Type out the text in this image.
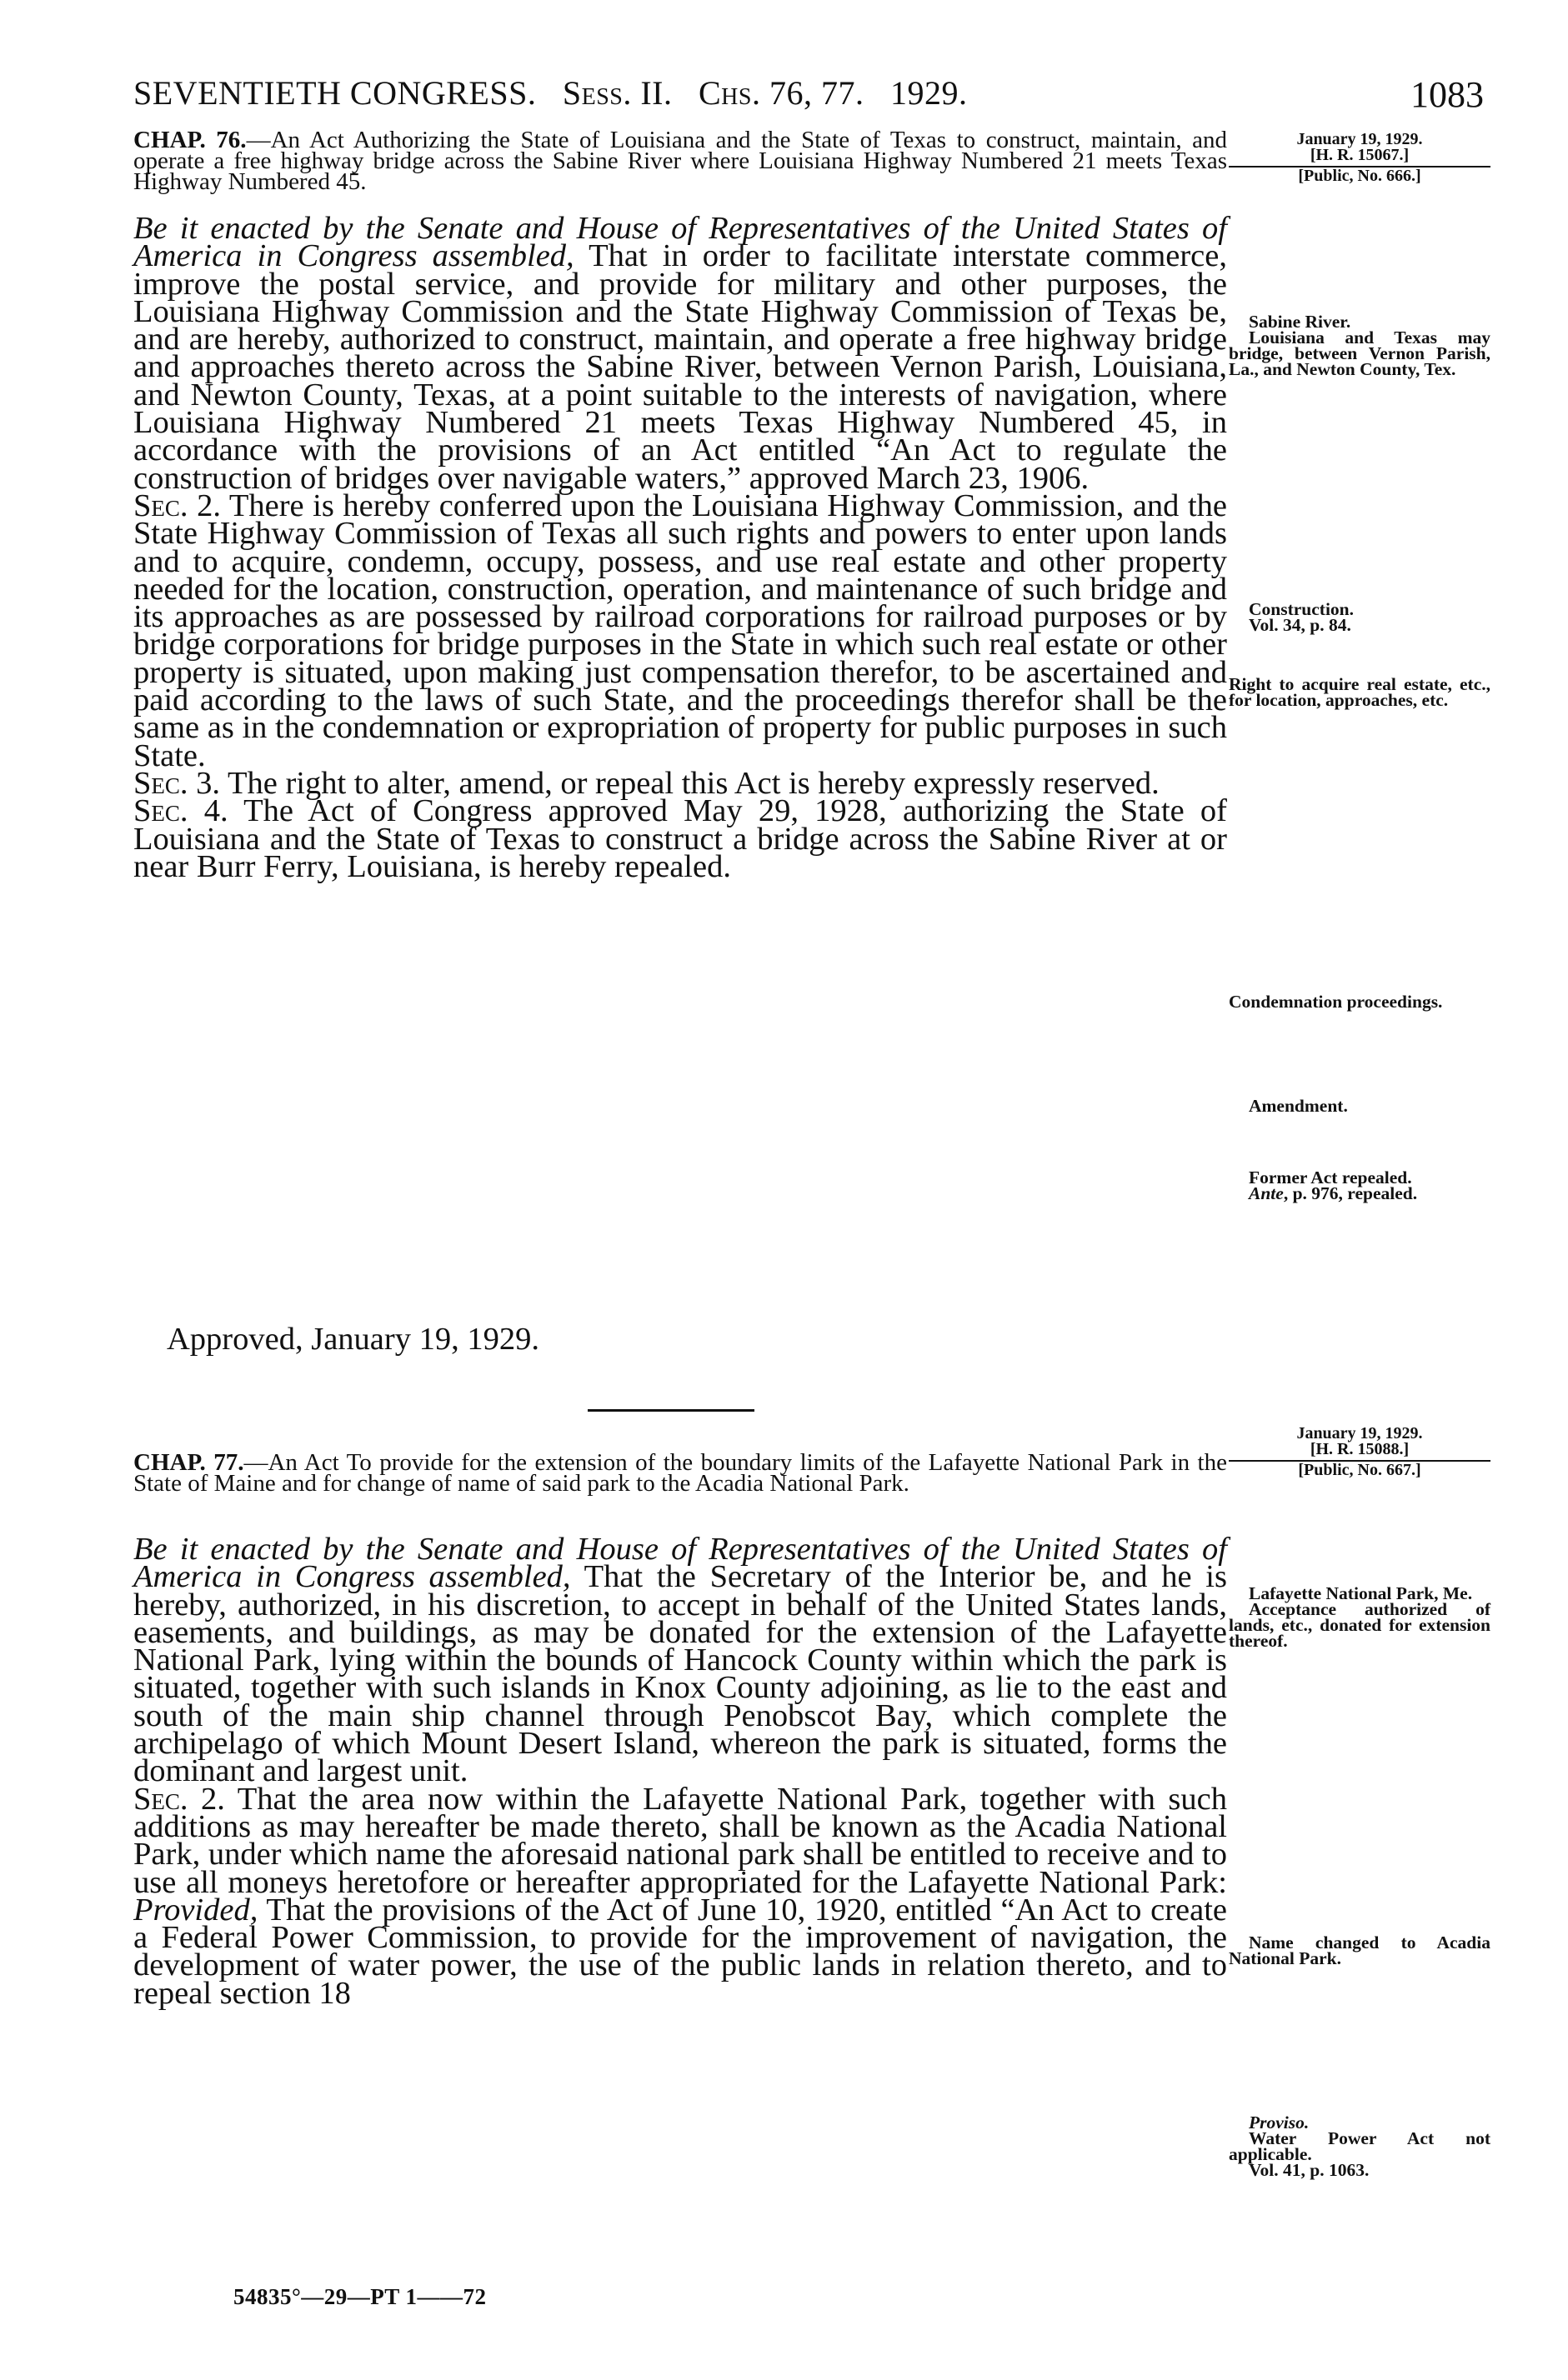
SEVENTIETH CONGRESS. Sess. II. Chs. 76, 77. 1929.	1083
CHAP. 76.—An Act Authorizing the State of Louisiana and the State of Texas to construct, maintain, and operate a free highway bridge across the Sabine River where Louisiana Highway Numbered 21 meets Texas Highway Numbered 45.
January 19, 1929.
[H. R. 15067.]
[Public, No. 666.]
Be it enacted by the Senate and House of Representatives of the United States of America in Congress assembled, That in order to facilitate interstate commerce, improve the postal service, and provide for military and other purposes, the Louisiana Highway Commission and the State Highway Commission of Texas be, and are hereby, authorized to construct, maintain, and operate a free highway bridge and approaches thereto across the Sabine River, between Vernon Parish, Louisiana, and Newton County, Texas, at a point suitable to the interests of navigation, where Louisiana Highway Numbered 21 meets Texas Highway Numbered 45, in accordance with the provisions of an Act entitled “An Act to regulate the construction of bridges over navigable waters,” approved March 23, 1906.
Sec. 2. There is hereby conferred upon the Louisiana Highway Commission, and the State Highway Commission of Texas all such rights and powers to enter upon lands and to acquire, condemn, occupy, possess, and use real estate and other property needed for the location, construction, operation, and maintenance of such bridge and its approaches as are possessed by railroad corporations for railroad purposes or by bridge corporations for bridge purposes in the State in which such real estate or other property is situated, upon making just compensation therefor, to be ascertained and paid according to the laws of such State, and the proceedings therefor shall be the same as in the condemnation or expropriation of property for public purposes in such State.
Sec. 3. The right to alter, amend, or repeal this Act is hereby expressly reserved.
Sec. 4. The Act of Congress approved May 29, 1928, authorizing the State of Louisiana and the State of Texas to construct a bridge across the Sabine River at or near Burr Ferry, Louisiana, is hereby repealed.
Approved, January 19, 1929.
Sabine River.
Louisiana and Texas may bridge, between Vernon Parish, La., and Newton County, Tex.
Construction.
Vol. 34, p. 84.
Right to acquire real estate, etc., for location, approaches, etc.
Condemnation proceedings.
Amendment.
Former Act repealed.
Ante, p. 976, repealed.
January 19, 1929.
[H. R. 15088.]
[Public, No. 667.]
CHAP. 77.—An Act To provide for the extension of the boundary limits of the Lafayette National Park in the State of Maine and for change of name of said park to the Acadia National Park.
Be it enacted by the Senate and House of Representatives of the United States of America in Congress assembled, That the Secretary of the Interior be, and he is hereby, authorized, in his discretion, to accept in behalf of the United States lands, easements, and buildings, as may be donated for the extension of the Lafayette National Park, lying within the bounds of Hancock County within which the park is situated, together with such islands in Knox County adjoining, as lie to the east and south of the main ship channel through Penobscot Bay, which complete the archipelago of which Mount Desert Island, whereon the park is situated, forms the dominant and largest unit.
Sec. 2. That the area now within the Lafayette National Park, together with such additions as may hereafter be made thereto, shall be known as the Acadia National Park, under which name the aforesaid national park shall be entitled to receive and to use all moneys heretofore or hereafter appropriated for the Lafayette National Park: Provided, That the provisions of the Act of June 10, 1920, entitled “An Act to create a Federal Power Commission, to provide for the improvement of navigation, the development of water power, the use of the public lands in relation thereto, and to repeal section 18
Lafayette National Park, Me.
Acceptance authorized of lands, etc., donated for extension thereof.
Name changed to Acadia National Park.
Proviso.
Water Power Act not applicable.
Vol. 41, p. 1063.
54835°—29—PT 1——72
